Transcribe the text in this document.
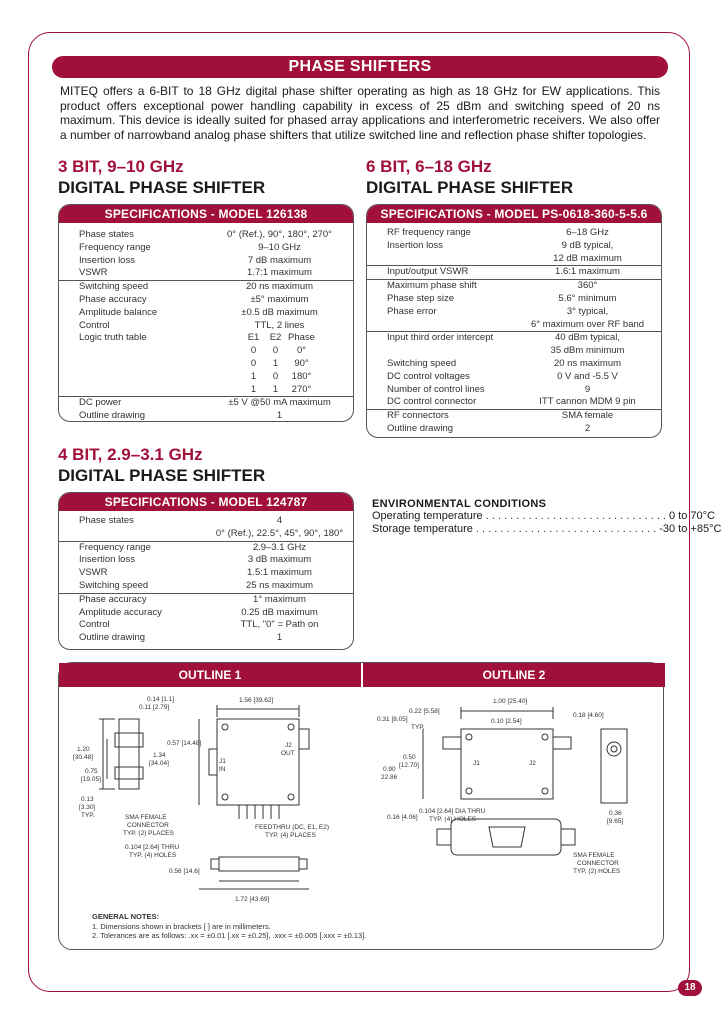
PHASE SHIFTERS

MITEQ offers a 6-BIT to 18 GHz digital phase shifter operating as high as 18 GHz for EW applications. This product offers exceptional power handling capability in excess of 25 dBm and switching speed of 20 ns maximum. This device is ideally suited for phased array applications and interferometric receivers. We also offer a number of narrowband analog phase shifters that utilize switched line and reflection phase shifter topologies.

3 BIT, 9–10 GHz
DIGITAL PHASE SHIFTER
6 BIT, 6–18 GHz
DIGITAL PHASE SHIFTER
4 BIT, 2.9–3.1 GHz
DIGITAL PHASE SHIFTER
SPECIFICATIONS - MODEL 126138
Phase states	0° (Ref.), 90°, 180°, 270°
Frequency range	9–10 GHz
Insertion loss	7 dB maximum
VSWR	1.7:1 maximum
Switching speed	20 ns maximum
Phase accuracy	±5° maximum
Amplitude balance	±0.5 dB maximum
Control	TTL, 2 lines
Logic truth table	E1	E2 Phase
0	0	0°
0	1	90°
1	0	180°
1	1	270°
DC power	±5 V @50 mA maximum
Outline drawing	1
SPECIFICATIONS - MODEL PS-0618-360-5-5.6
RF frequency range	6–18 GHz
Insertion loss	9 dB typical,
12 dB maximum
Input/output VSWR	1.6:1 maximum
Maximum phase shift	360°
Phase step size	5.6° minimum
Phase error	3° typical,
6° maximum over RF band
Input third order intercept	40 dBm typical,
35 dBm minimum
Switching speed	20 ns maximum
DC control voltages	0 V and -5.5 V
Number of control lines	9
DC control connector	ITT cannon MDM 9 pin
RF connectors	SMA female
Outline drawing	2
SPECIFICATIONS - MODEL 124787
Phase states	4
0° (Ref.), 22.5°, 45°, 90°, 180°
Frequency range	2.9–3.1 GHz
Insertion loss	3 dB maximum
VSWR	1.5:1 maximum
Switching speed	25 ns maximum
Phase accuracy	1° maximum
Amplitude accuracy	0.25 dB maximum
Control	TTL, "0" = Path on
Outline drawing	1
ENVIRONMENTAL CONDITIONS
Operating temperature . . . . . . . . . . . . . . . . . . . . . . . . . . . . . . 0 to 70°C
Storage temperature . . . . . . . . . . . . . . . . . . . . . . . . . . . . . . -30 to +85°C
OUTLINE 1	OUTLINE 2
0.14 [1.1]
0.11 [2.79]
1.56 [39.62]
1.20
[30.48]
0.75
[19.05]
0.13
[3.30]
TYP.
1.34
[34.04]
0.57 [14.48]
J1
IN
J2
OUT
SMA FEMALE
CONNECTOR
TYP. (2) PLACES
FEEDTHRU (DC, E1, E2)
TYP. (4) PLACES
0.104 [2.64] THRU
TYP. (4) HOLES
0.56 [14.6]
1.72 [43.69]
1.00 [25.40]
0.18 [4.60]
0.31 [8.05]
0.22 [5.58]
0.10 [2.54]
TYP.
0.90
22.86
0.50
[12.70]
0.16 [4.06]
J1	J2
0.104 [2.64] DIA THRU
TYP. (4) HOLES
0.36
[9.65]
SMA FEMALE
CONNECTOR
TYP. (2) HOLES
GENERAL NOTES:
1. Dimensions shown in brackets [ ] are in millimeters.
2. Tolerances are as follows: .xx = ±0.01 [.xx = ±0.25], .xxx = ±0.005 [.xxx = ±0.13].
18
